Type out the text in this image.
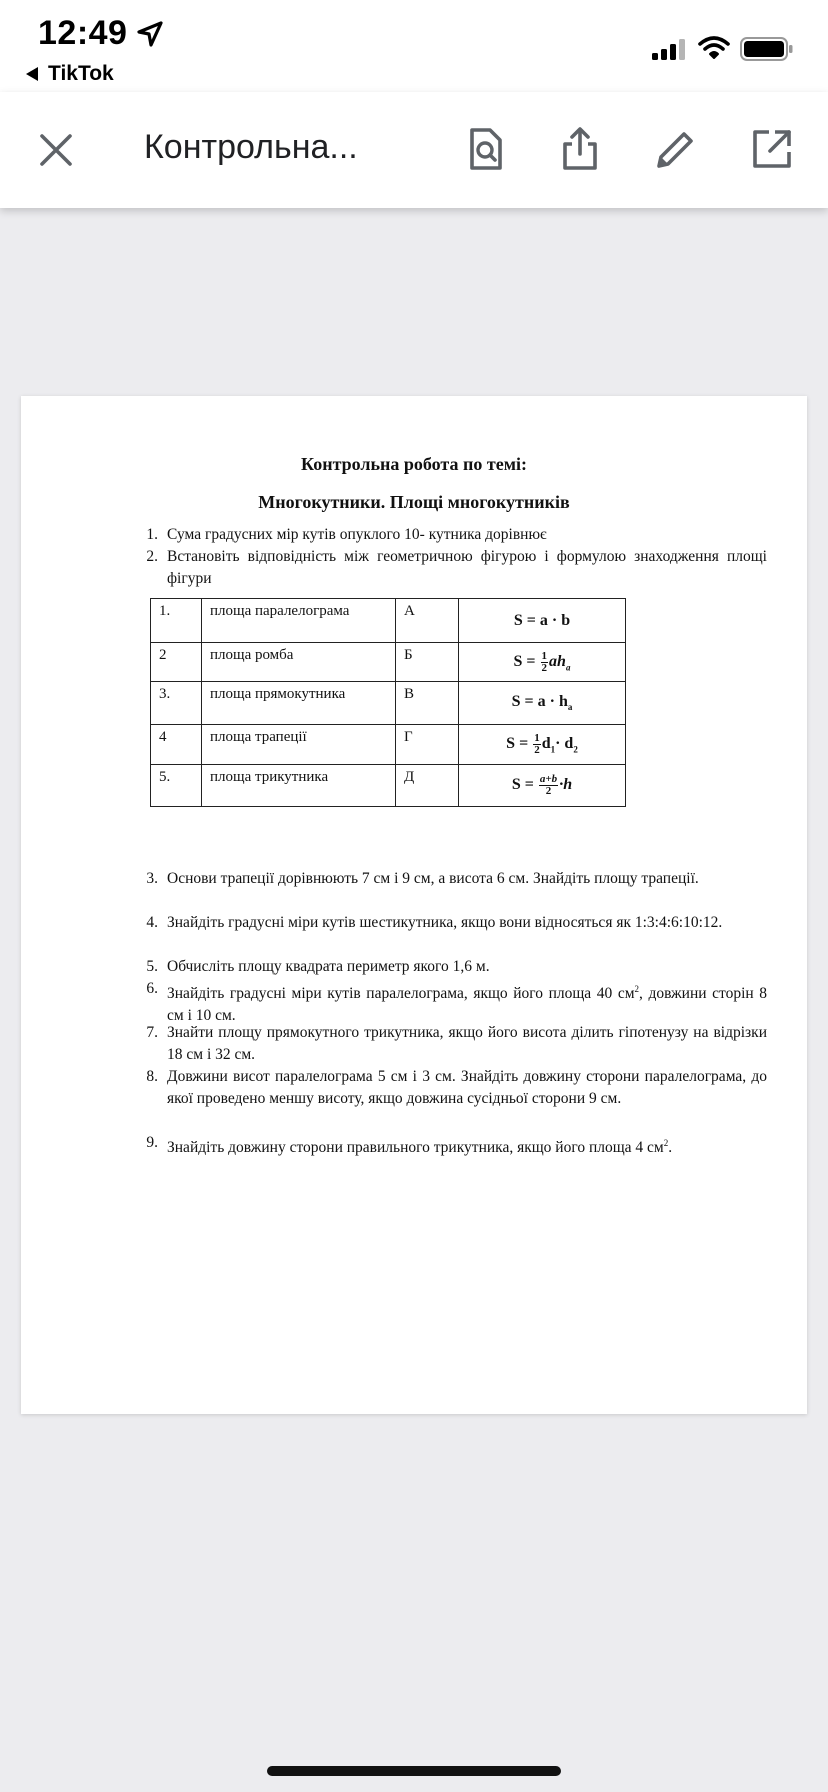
12:49
TikTok
Контрольна...
Контрольна робота по темі:
Многокутники. Площі многокутників
1. Сума градусних мір кутів опуклого 10- кутника дорівнює
2. Встановіть відповідність між геометричною фігурою і формулою знаходження площі фігури
1.	площа паралелограма	А	S = a · b
2	площа ромба	Б	$S = \frac{1}{2} ah_a$
3.	площа прямокутника	В	$S = a \cdot h_a$
4	площа трапеції	Г	$S = \frac{1}{2} d_1\cdot d_2$
5.	площа трикутника	Д	$S = \frac{a+b}{2} \cdot h$
3. Основи трапеції дорівнюють 7 см і 9 см, а висота 6 см. Знайдіть площу трапеції.
4. Знайдіть градусні міри кутів шестикутника, якщо вони відносяться як 1:3:4:6:10:12.
5. Обчисліть площу квадрата периметр якого 1,6 м.
6. Знайдіть градусні міри кутів паралелограма, якщо його площа 40 $см^2$, довжини сторін 8 см і 10 см.
7. Знайти площу прямокутного трикутника, якщо його висота ділить гіпотенузу на відрізки 18 см і 32 см.
8. Довжини висот паралелограма 5 см і 3 см. Знайдіть довжину сторони паралелограма, до якої проведено меншу висоту, якщо довжина сусідньої сторони 9 см.
9. Знайдіть довжину сторони правильного трикутника, якщо його площа 4 $см^2$.
